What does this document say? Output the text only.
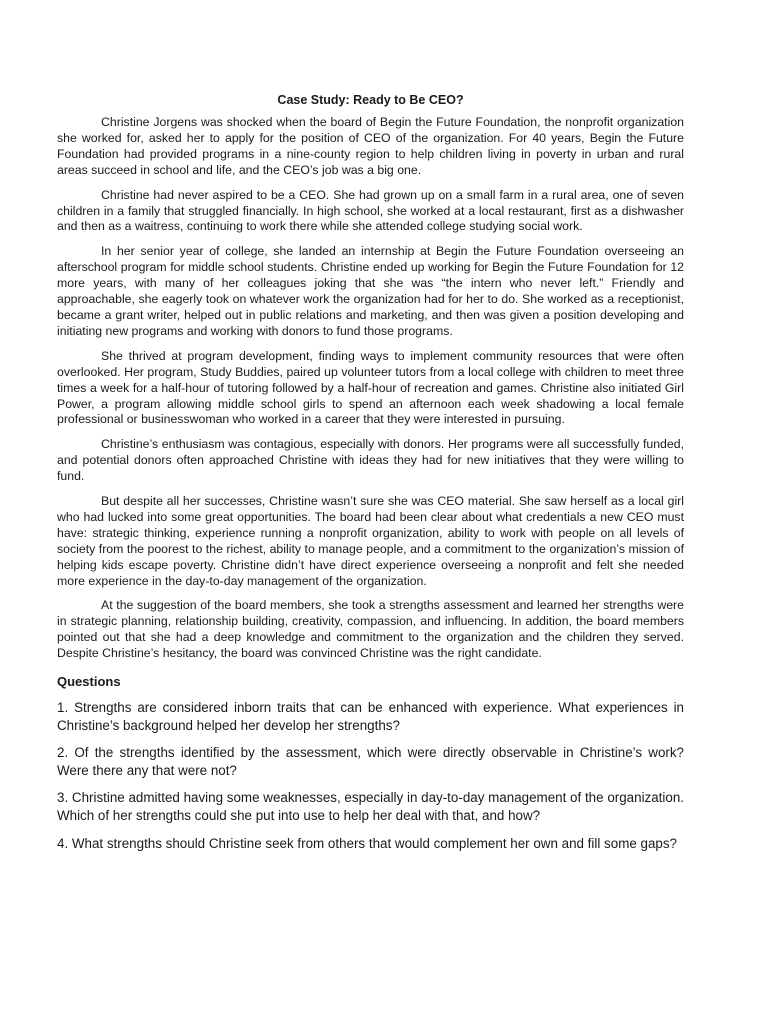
Case Study: Ready to Be CEO?

Christine Jorgens was shocked when the board of Begin the Future Foundation, the nonprofit organization she worked for, asked her to apply for the position of CEO of the organization. For 40 years, Begin the Future Foundation had provided programs in a nine-county region to help children living in poverty in urban and rural areas succeed in school and life, and the CEO’s job was a big one.

Christine had never aspired to be a CEO. She had grown up on a small farm in a rural area, one of seven children in a family that struggled financially. In high school, she worked at a local restaurant, first as a dishwasher and then as a waitress, continuing to work there while she attended college studying social work.

In her senior year of college, she landed an internship at Begin the Future Foundation overseeing an afterschool program for middle school students. Christine ended up working for Begin the Future Foundation for 12 more years, with many of her colleagues joking that she was “the intern who never left.” Friendly and approachable, she eagerly took on whatever work the organization had for her to do. She worked as a receptionist, became a grant writer, helped out in public relations and marketing, and then was given a position developing and initiating new programs and working with donors to fund those programs.

She thrived at program development, finding ways to implement community resources that were often overlooked. Her program, Study Buddies, paired up volunteer tutors from a local college with children to meet three times a week for a half-hour of tutoring followed by a half-hour of recreation and games. Christine also initiated Girl Power, a program allowing middle school girls to spend an afternoon each week shadowing a local female professional or businesswoman who worked in a career that they were interested in pursuing.

Christine’s enthusiasm was contagious, especially with donors. Her programs were all successfully funded, and potential donors often approached Christine with ideas they had for new initiatives that they were willing to fund.

But despite all her successes, Christine wasn’t sure she was CEO material. She saw herself as a local girl who had lucked into some great opportunities. The board had been clear about what credentials a new CEO must have: strategic thinking, experience running a nonprofit organization, ability to work with people on all levels of society from the poorest to the richest, ability to manage people, and a commitment to the organization’s mission of helping kids escape poverty. Christine didn’t have direct experience overseeing a nonprofit and felt she needed more experience in the day-to-day management of the organization.

At the suggestion of the board members, she took a strengths assessment and learned her strengths were in strategic planning, relationship building, creativity, compassion, and influencing. In addition, the board members pointed out that she had a deep knowledge and commitment to the organization and the children they served. Despite Christine’s hesitancy, the board was convinced Christine was the right candidate.

Questions

1. Strengths are considered inborn traits that can be enhanced with experience. What experiences in Christine’s background helped her develop her strengths?

2. Of the strengths identified by the assessment, which were directly observable in Christine’s work? Were there any that were not?

3. Christine admitted having some weaknesses, especially in day-to-day management of the organization. Which of her strengths could she put into use to help her deal with that, and how?

4. What strengths should Christine seek from others that would complement her own and fill some gaps?
